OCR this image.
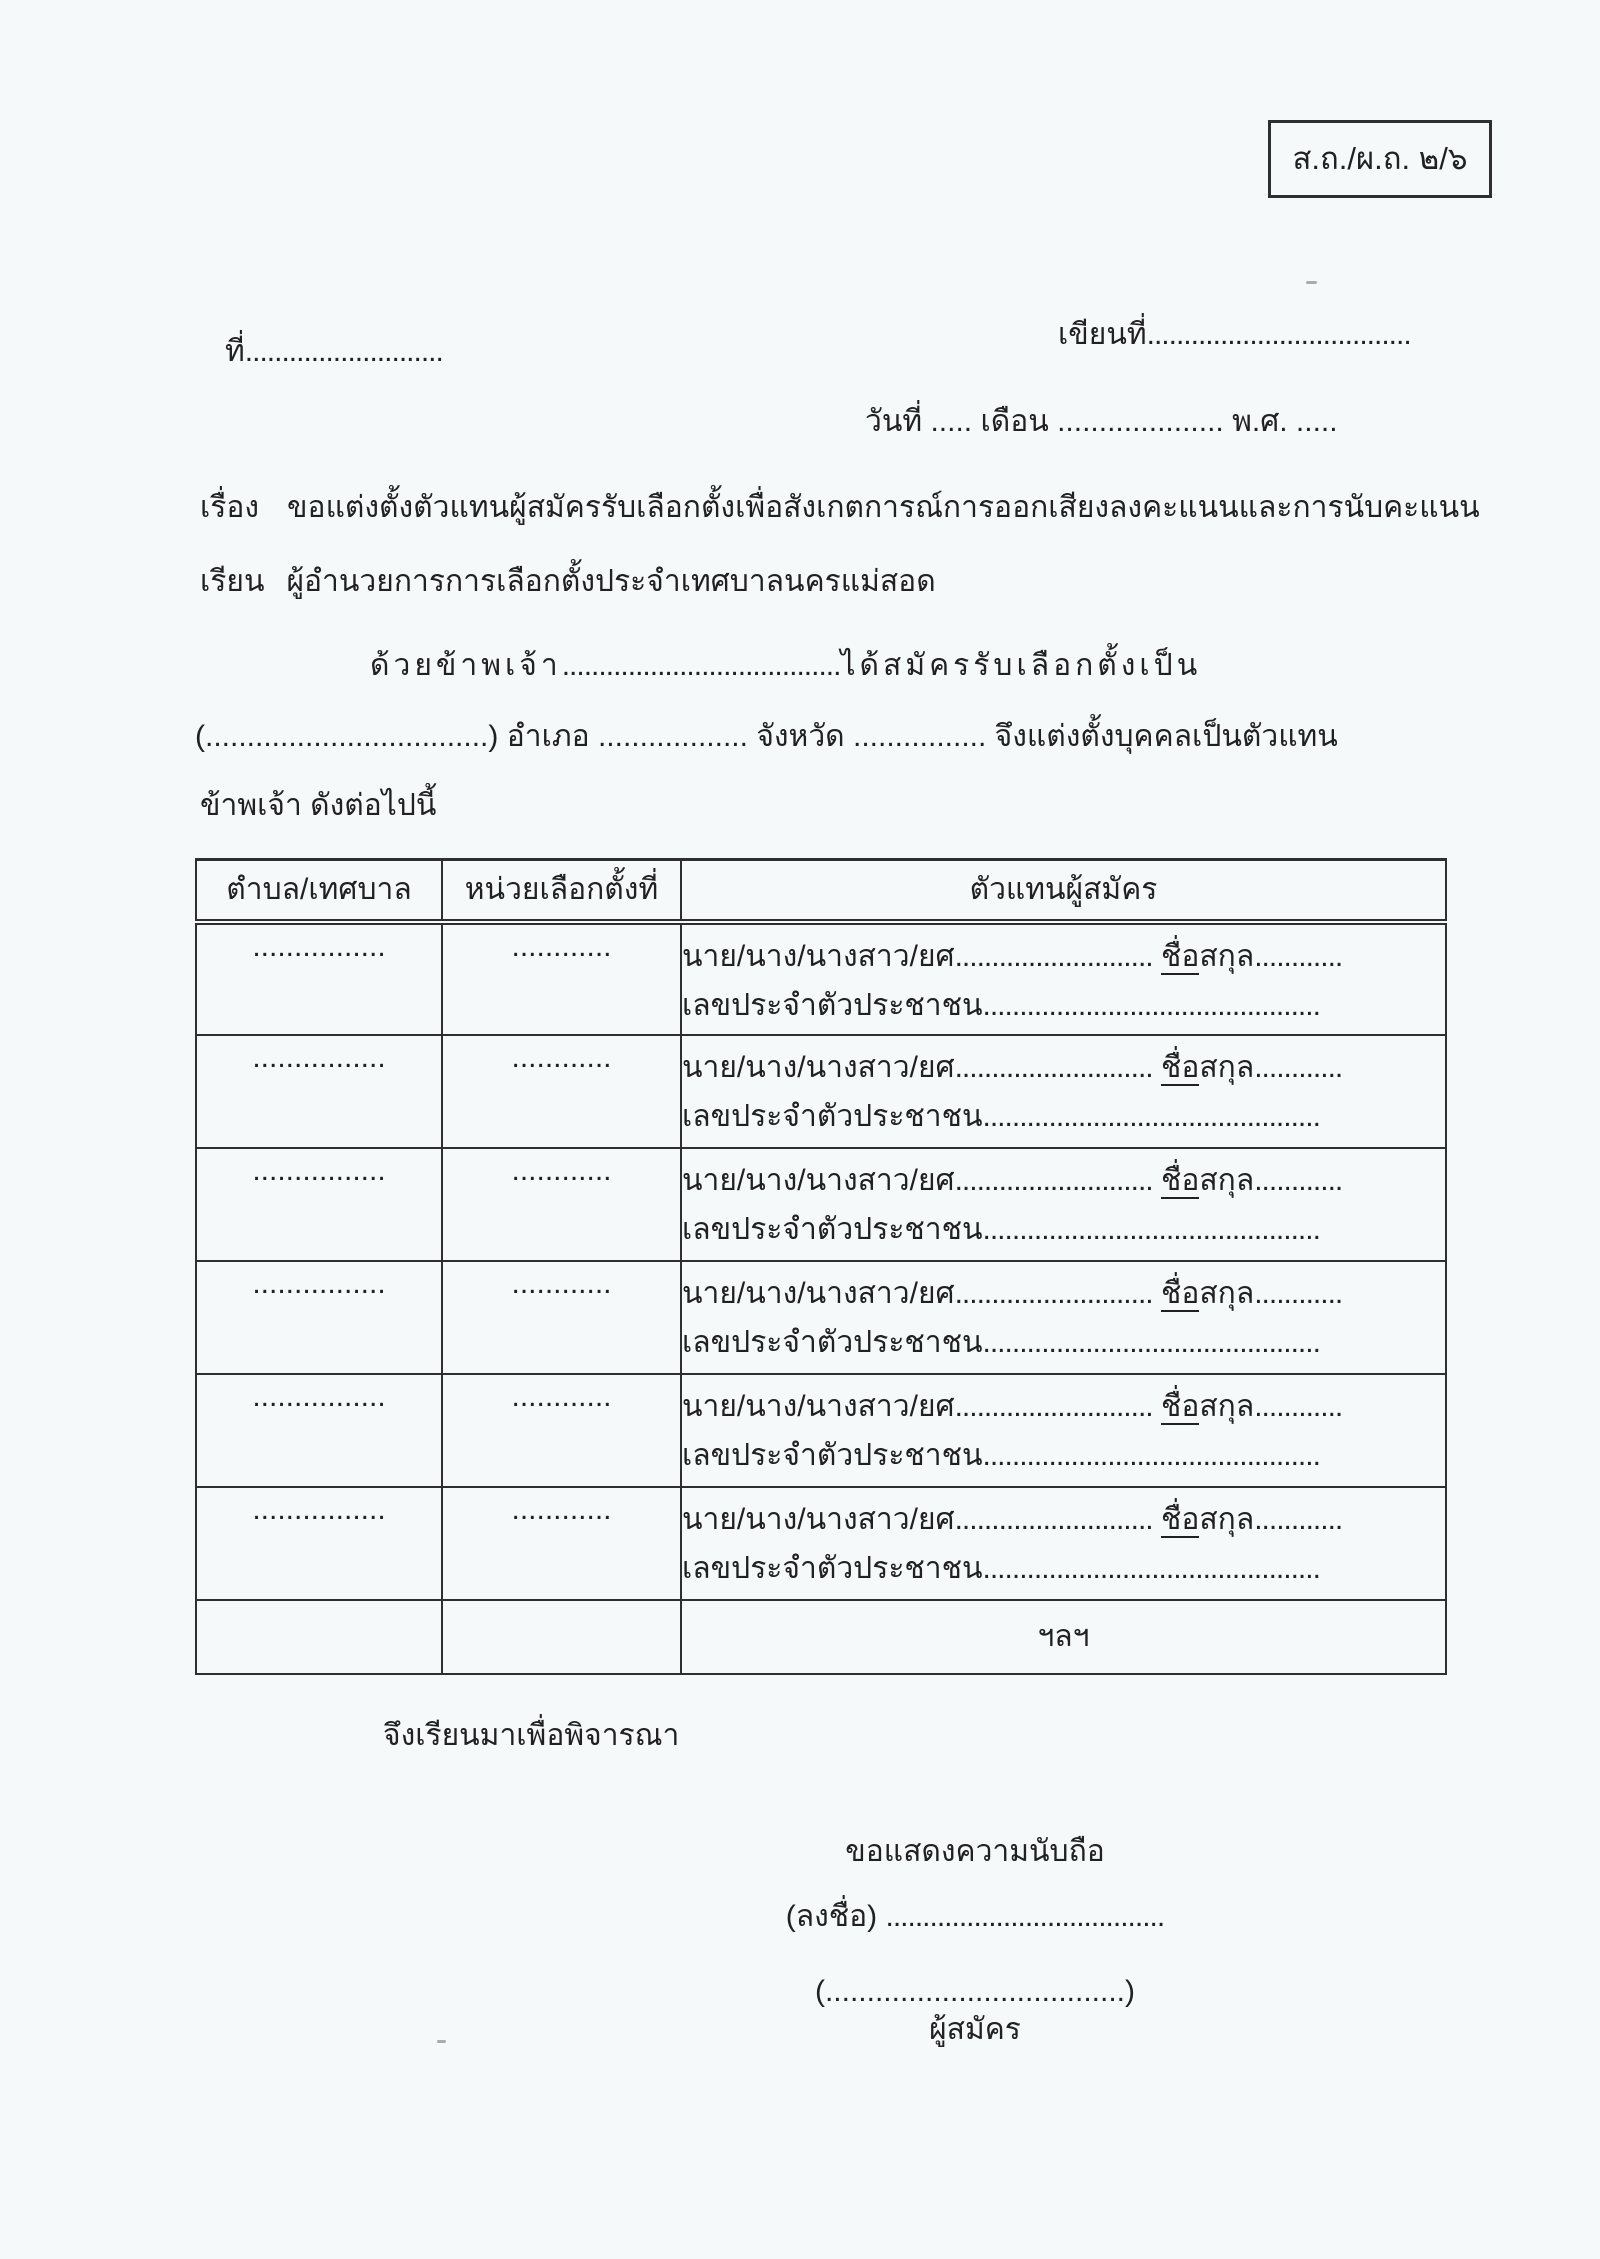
ส.ถ./ผ.ถ. ๒/๖
ที่...........................
เขียนที่....................................
วันที่ ..... เดือน .................... พ.ศ. .....
เรื่อง ขอแต่งตั้งตัวแทนผู้สมัครรับเลือกตั้งเพื่อสังเกตการณ์การออกเสียงลงคะแนนและการนับคะแนน
เรียน ผู้อำนวยการการเลือกตั้งประจำเทศบาลนครแม่สอด
ด้วยข้าพเจ้า......................................ได้สมัครรับเลือกตั้งเป็น
(..................................) อำเภอ .................. จังหวัด ................ จึงแต่งตั้งบุคคลเป็นตัวแทน
ข้าพเจ้า ดังต่อไปนี้
ตำบล/เทศบาล	หน่วยเลือกตั้งที่	ตัวแทนผู้สมัคร
................	............	นาย/นาง/นางสาว/ยศ........................... ชื่อสกุล............
เลขประจำตัวประชาชน..............................................

................	............	นาย/นาง/นางสาว/ยศ........................... ชื่อสกุล............
เลขประจำตัวประชาชน..............................................

................	............	นาย/นาง/นางสาว/ยศ........................... ชื่อสกุล............
เลขประจำตัวประชาชน..............................................

................	............	นาย/นาง/นางสาว/ยศ........................... ชื่อสกุล............
เลขประจำตัวประชาชน..............................................

................	............	นาย/นาง/นางสาว/ยศ........................... ชื่อสกุล............
เลขประจำตัวประชาชน..............................................

................	............	นาย/นาง/นางสาว/ยศ........................... ชื่อสกุล............
เลขประจำตัวประชาชน..............................................

		ฯลฯ
จึงเรียนมาเพื่อพิจารณา
ขอแสดงความนับถือ
(ลงชื่อ) ......................................
(....................................)
ผู้สมัคร
